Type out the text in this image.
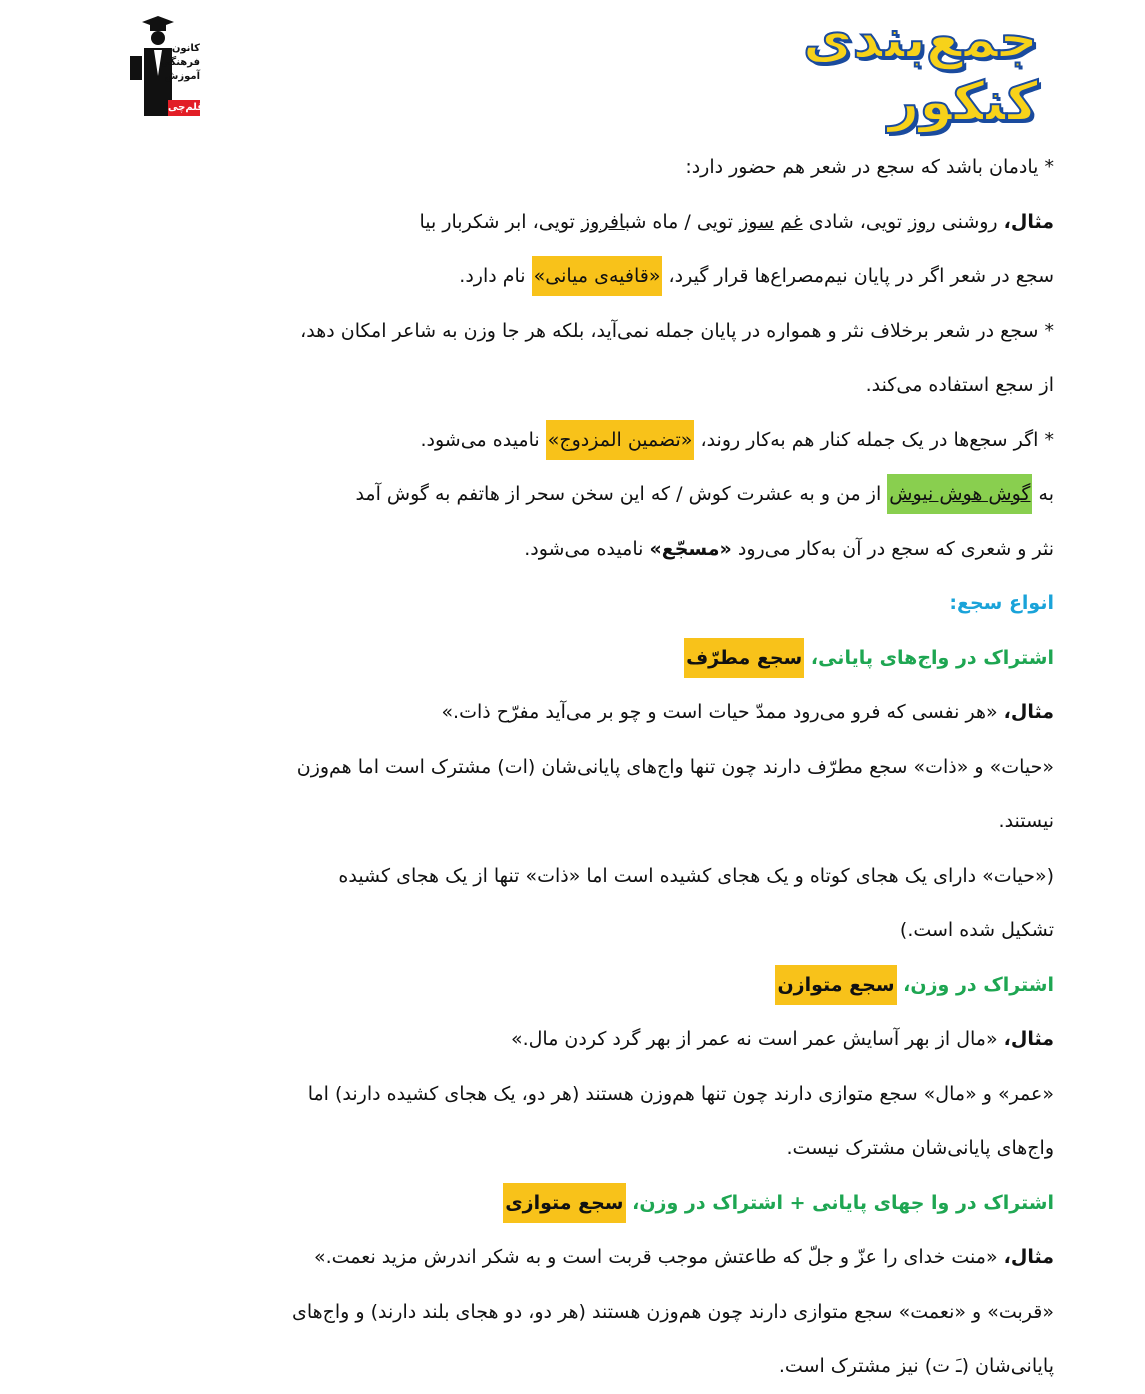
کانون
فرهنگی
آموزش
قلم‌چی
جمع‌بندی کنکور
* یادمان باشد که سجع در شعر هم حضور دارد:
مثال، روشنی روز تویی، شادی غم سوز تویی / ماه شبافروز تویی، ابر شکربار بیا
سجع در شعر اگر در پایان نیم‌مصراع‌ها قرار گیرد، «قافیه‌ی میانی» نام دارد.
* سجع در شعر برخلاف نثر و همواره در پایان جمله نمی‌آید، بلکه هر جا وزن به شاعر امکان دهد،
از سجع استفاده می‌کند.
* اگر سجع‌ها در یک جمله کنار هم به‌کار روند، «تضمین المزدوج» نامیده می‌شود.
به گوش هوش نیوش از من و به عشرت کوش / که این سخن سحر از هاتفم به گوش آمد
نثر و شعری که سجع در آن به‌کار می‌رود «مسجّع» نامیده می‌شود.
انواع سجع:
اشتراک در واج‌های پایانی، سجع مطرّف
مثال، «هر نفسی که فرو می‌رود ممدّ حیات است و چو بر می‌آید مفرّح ذات.»
«حیات» و «ذات» سجع مطرّف دارند چون تنها واج‌های پایانی‌شان (ات) مشترک است اما هم‌وزن
نیستند.
(«حیات» دارای یک هجای کوتاه و یک هجای کشیده است اما «ذات» تنها از یک هجای کشیده
تشکیل شده است.)
اشتراک در وزن، سجع متوازن
مثال، «مال از بهر آسایش عمر است نه عمر از بهر گرد کردن مال.»
«عمر» و «مال» سجع متوازی دارند چون تنها هم‌وزن هستند (هر دو، یک هجای کشیده دارند) اما
واج‌های پایانی‌شان مشترک نیست.
اشتراک در وا جهای پایانی + اشتراک در وزن، سجع متوازی
مثال، «منت خدای را عزّ و جلّ که طاعتش موجب قربت است و به شکر اندرش مزید نعمت.»
«قربت» و «نعمت» سجع متوازی دارند چون هم‌وزن هستند (هر دو، دو هجای بلند دارند) و واج‌های
پایانی‌شان (ـَ ت) نیز مشترک است.
